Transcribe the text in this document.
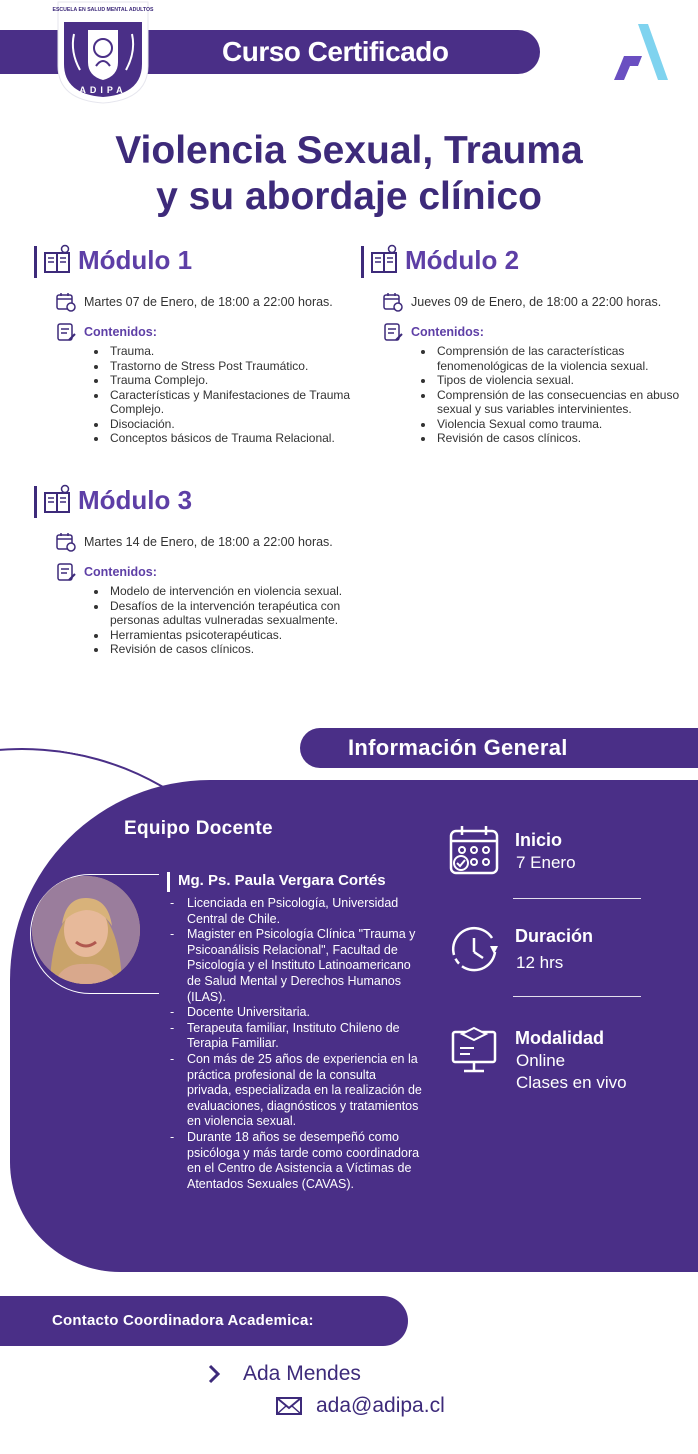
Curso Certificado
ESCUELA EN SALUD MENTAL ADULTOS
ADIPA
Violencia Sexual, Trauma
y su abordaje clínico
Módulo 1
Martes 07 de Enero, de 18:00 a 22:00 horas.
Contenidos:
• Trauma.
• Trastorno de Stress Post Traumático.
• Trauma Complejo.
• Características y Manifestaciones de Trauma Complejo.
• Disociación.
• Conceptos básicos de Trauma Relacional.
Módulo 2
Jueves 09 de Enero, de 18:00 a 22:00 horas.
Contenidos:
• Comprensión de las características fenomenológicas de la violencia sexual.
• Tipos de violencia sexual.
• Comprensión de las consecuencias en abuso sexual y sus variables intervinientes.
• Violencia Sexual como trauma.
• Revisión de casos clínicos.
Módulo 3
Martes 14 de Enero, de 18:00 a 22:00 horas.
Contenidos:
• Modelo de intervención en violencia sexual.
• Desafíos de la intervención terapéutica con personas adultas vulneradas sexualmente.
• Herramientas psicoterapéuticas.
• Revisión de casos clínicos.
Información General
Equipo Docente
Mg. Ps. Paula Vergara Cortés
- Licenciada en Psicología, Universidad Central de Chile.
- Magister en Psicología Clínica "Trauma y Psicoanálisis Relacional", Facultad de Psicología y el Instituto Latinoamericano de Salud Mental y Derechos Humanos (ILAS).
- Docente Universitaria.
- Terapeuta familiar, Instituto Chileno de Terapia Familiar.
- Con más de 25 años de experiencia en la práctica profesional de la consulta privada, especializada en la realización de evaluaciones, diagnósticos y tratamientos en violencia sexual.
- Durante 18 años se desempeñó como psicóloga y más tarde como coordinadora en el Centro de Asistencia a Víctimas de Atentados Sexuales (CAVAS).
Inicio
7 Enero
Duración
12 hrs
Modalidad
Online
Clases en vivo
Contacto Coordinadora Academica:
Ada Mendes
ada@adipa.cl
